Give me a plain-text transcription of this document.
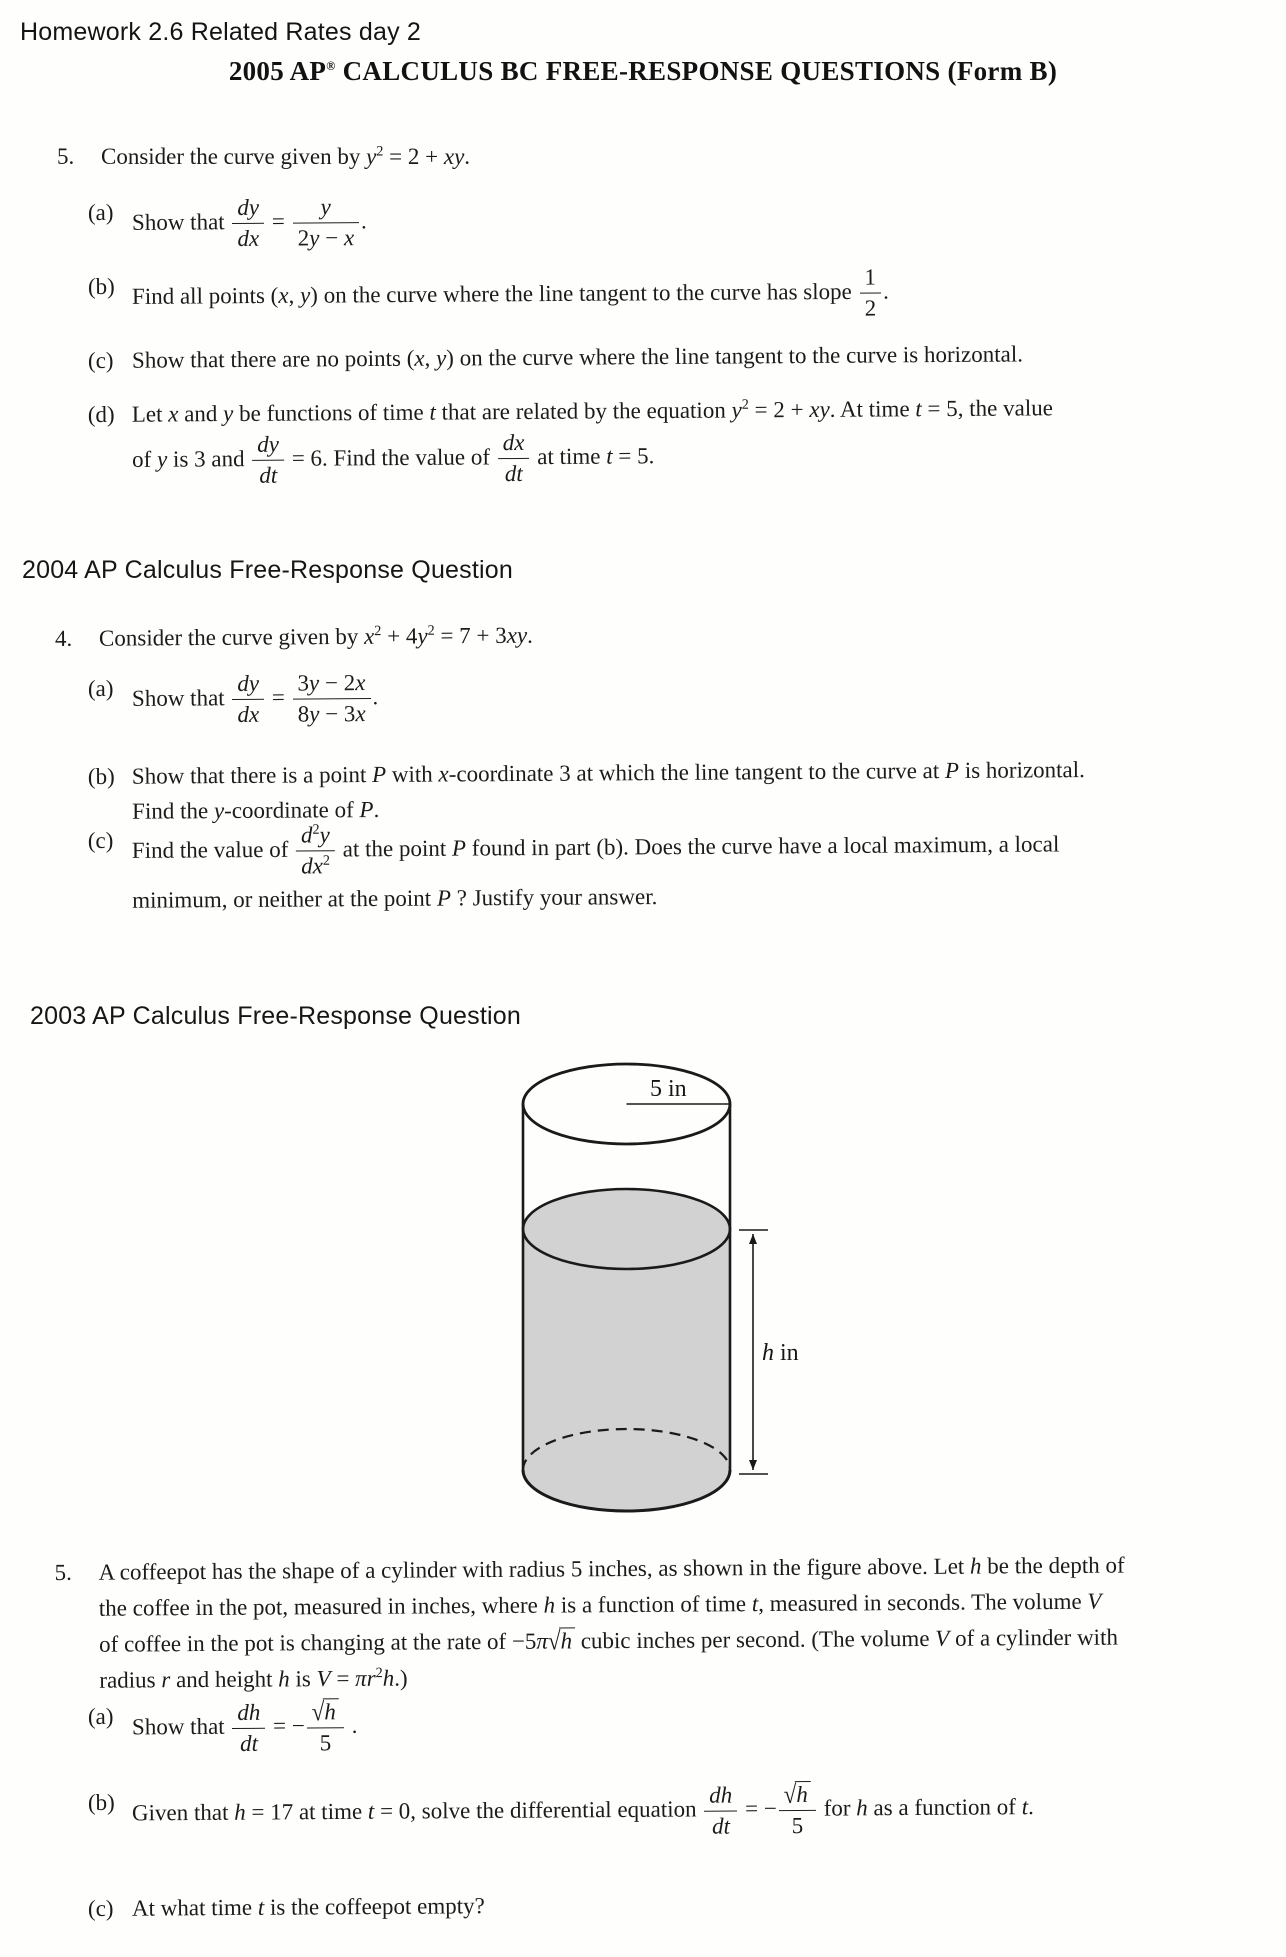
Homework 2.6 Related Rates day 2
2005 AP® CALCULUS BC FREE-RESPONSE QUESTIONS (Form B)
5.	Consider the curve given by $y^2 = 2$ + xy.
(a) Show that $\frac{dy}{dx} = \frac{y}{2y - x}$ .
(b) Find all points (x, y) on the curve where the line tangent to the curve has slope $\frac{1}{2}$ .
(c) Show that there are no points (x, y) on the curve where the line tangent to the curve is horizontal.
(d) Let x and y be functions of time t that are related by the equation $y^2 = 2$ + xy. At time t = 5, the value
of y is 3 and $\frac{dy}{dt} = 6$. Find the value of $\frac{dx}{dt}$ at time t = 5.
2004 AP Calculus Free-Response Question
4.	Consider the curve given by $x^2 + 4y^2 = 7 + 3xy$.
(a) Show that $\frac{dy}{dx} = \frac{3y - 2x}{8y - 3x}$ .
(b) Show that there is a point P with x-coordinate 3 at which the line tangent to the curve at P is horizontal.
Find the y-coordinate of P.
(c) Find the value of $\frac{d^2y}{dx^2}$ at the point P found in part (b). Does the curve have a local maximum, a local
minimum, or neither at the point P ? Justify your answer.
2003 AP Calculus Free-Response Question
5 in
h in
5.	A coffeepot has the shape of a cylinder with radius 5 inches, as shown in the figure above. Let h be the depth of
the coffee in the pot, measured in inches, where h is a function of time t, measured in seconds. The volume V
of coffee in the pot is changing at the rate of −5π√h cubic inches per second. (The volume V of a cylinder with
radius r and height h is $V = \pi r^2h$.)
(a) Show that $\frac{dh}{dt}$ = − $\frac{√h}{5}$ .
(b) Given that h = 17 at time t = 0, solve the differential equation $\frac{dh}{dt}$ = − $\frac{√h}{5}$ for h as a function of t.
(c) At what time t is the coffeepot empty?
